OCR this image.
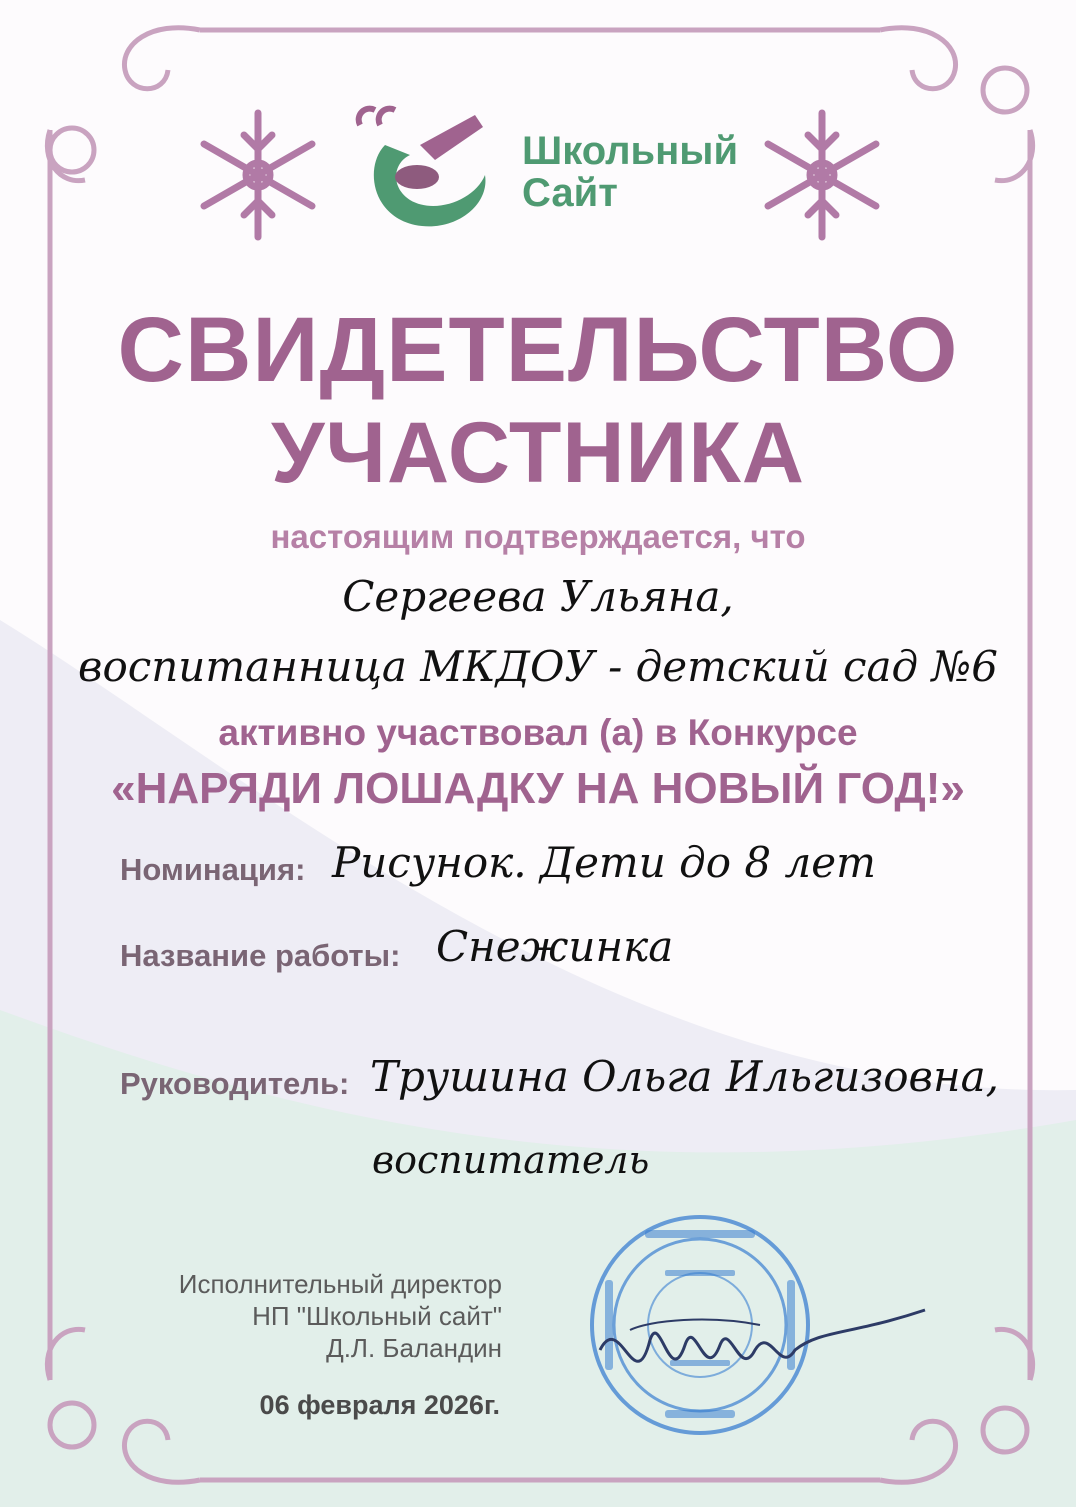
Школьный
Сайт
СВИДЕТЕЛЬСТВО
УЧАСТНИКА
настоящим подтверждается, что
Сергеева Ульяна,
воспитанница МКДОУ - детский сад №6
активно участвовал (а) в Конкурсе
«НАРЯДИ ЛОШАДКУ НА НОВЫЙ ГОД!»
Номинация: Рисунок. Дети до 8 лет
Название работы: Снежинка
Руководитель: Трушина Ольга Ильгизовна,
воспитатель
Исполнительный директор
НП "Школьный сайт"
Д.Л. Баландин
06 февраля 2026г.
